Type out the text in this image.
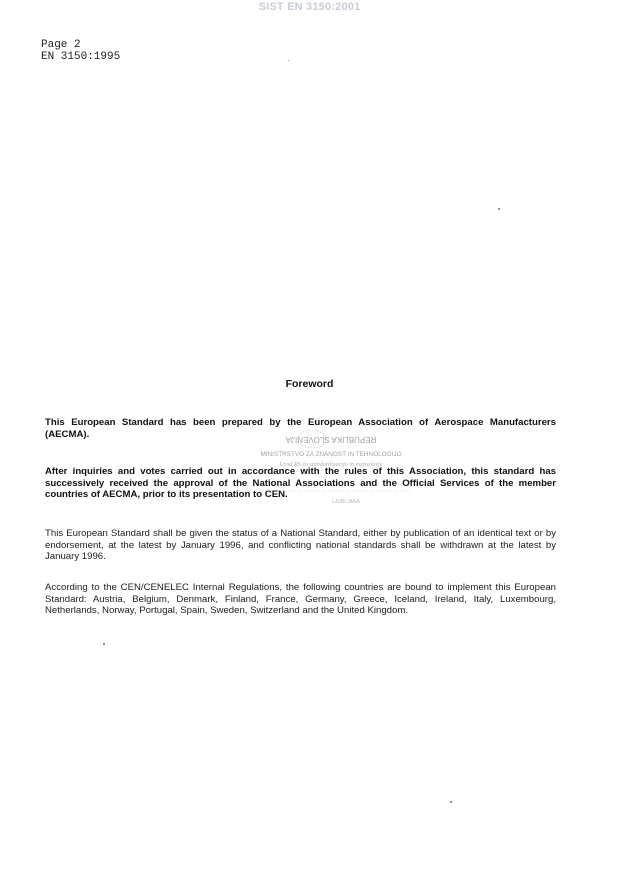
SIST EN 3150:2001
Page 2
EN 3150:1995
Foreword

This European Standard has been prepared by the European Association of Aerospace Manufacturers (AECMA).

After inquiries and votes carried out in accordance with the rules of this Association, this standard has successively received the approval of the National Associations and the Official Services of the member countries of AECMA, prior to its presentation to CEN.

This European Standard shall be given the status of a National Standard, either by publication of an identical text or by endorsement, at the latest by January 1996, and conflicting national standards shall be withdrawn at the latest by January 1996.

According to the CEN/CENELEC Internal Regulations, the following countries are bound to implement this European Standard: Austria, Belgium, Denmark, Finland, France, Germany, Greece, Iceland, Ireland, Italy, Luxembourg, Netherlands, Norway, Portugal, Spain, Sweden, Switzerland and the United Kingdom.

REPUBLIKA SLOVENIJA
MINISTRSTVO ZA ZNANOST IN TEHNOLOGIJO
Urad RS za standardizacijo in meroslovje
LJUBLJANA
